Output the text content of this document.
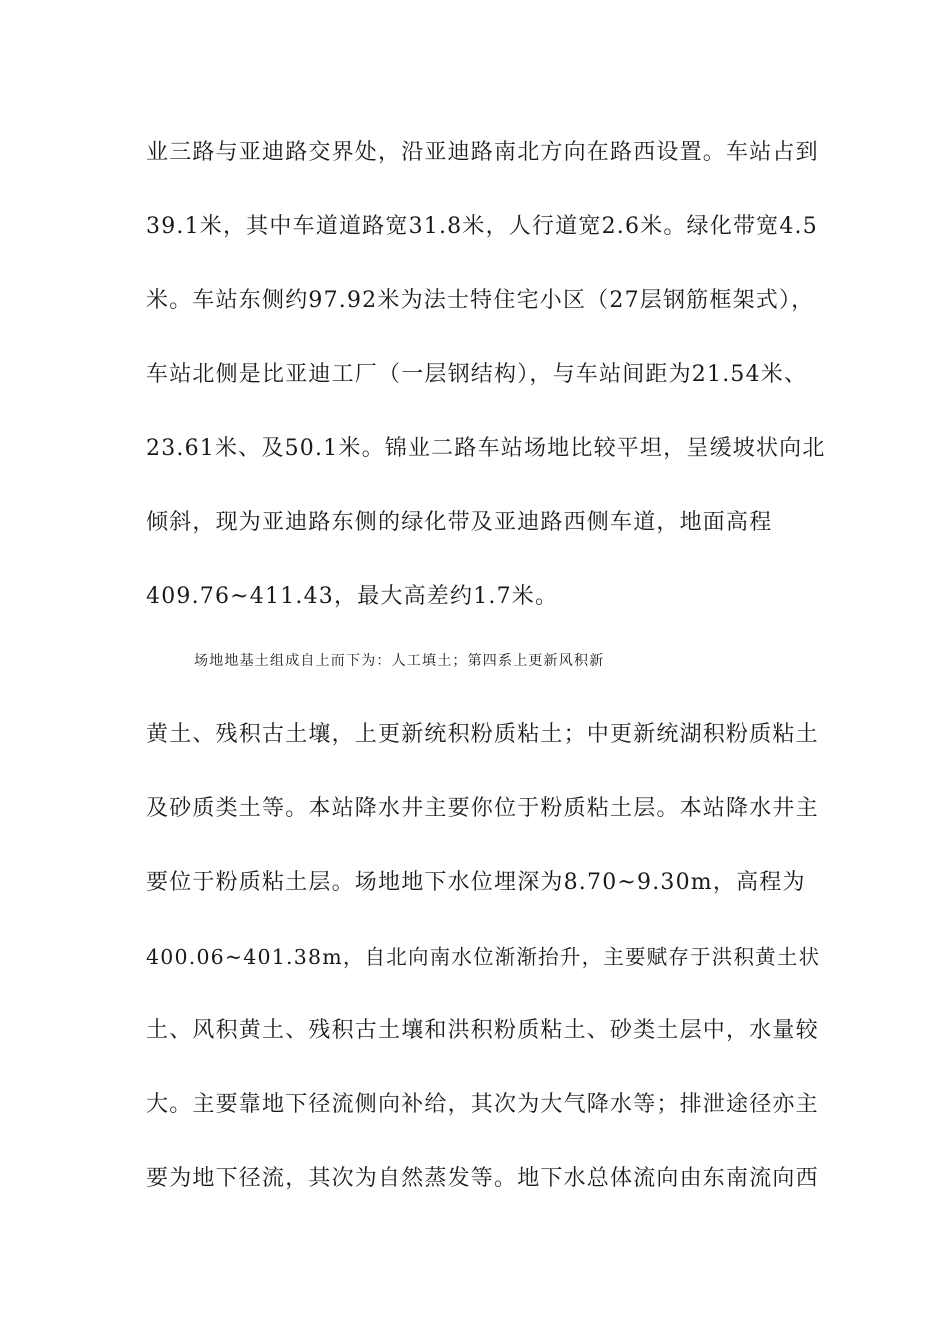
业三路与亚迪路交界处，沿亚迪路南北方向在路西设置。车站占到
39.1米，其中车道道路宽31.8米，人行道宽2.6米。绿化带宽4.5
米。车站东侧约97.92米为法士特住宅小区（27层钢筋框架式），
车站北侧是比亚迪工厂（一层钢结构），与车站间距为21.54米、
23.61米、及50.1米。锦业二路车站场地比较平坦，呈缓坡状向北
倾斜，现为亚迪路东侧的绿化带及亚迪路西侧车道，地面高程
409.76~411.43，最大高差约1.7米。
场地地基土组成自上而下为：人工填土；第四系上更新风积新
黄土、残积古土壤，上更新统积粉质粘土；中更新统湖积粉质粘土
及砂质类土等。本站降水井主要你位于粉质粘土层。本站降水井主
要位于粉质粘土层。场地地下水位埋深为8.70~9.30m，高程为
400.06~401.38m，自北向南水位渐渐抬升，主要赋存于洪积黄土状
土、风积黄土、残积古土壤和洪积粉质粘土、砂类土层中，水量较
大。主要靠地下径流侧向补给，其次为大气降水等；排泄途径亦主
要为地下径流，其次为自然蒸发等。地下水总体流向由东南流向西
